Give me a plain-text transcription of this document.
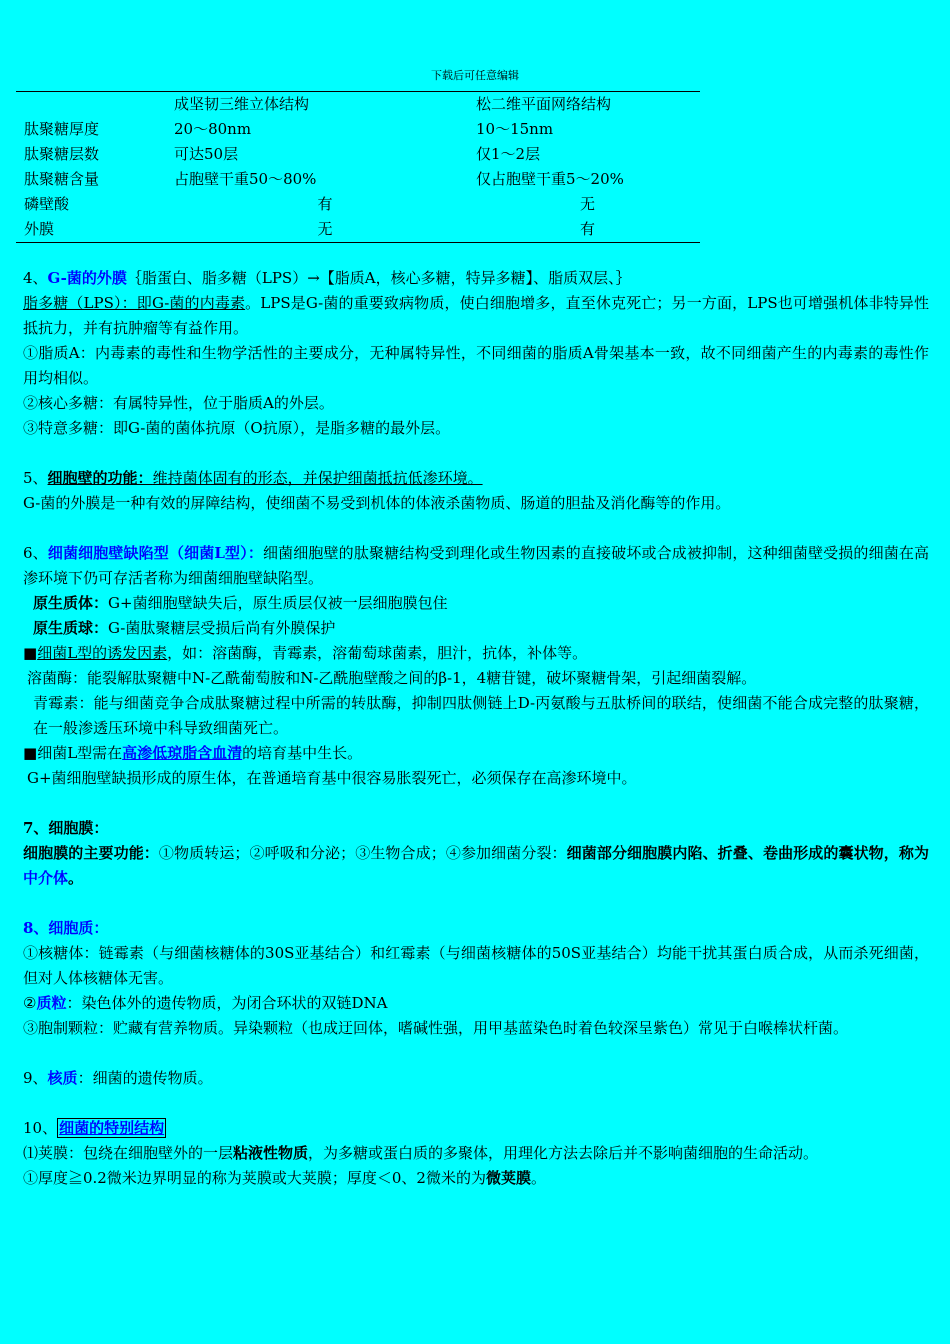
下载后可任意编辑
	成坚韧三维立体结构	松二维平面网络结构
肽聚糖厚度	20～80nm	10～15nm
肽聚糖层数	可达50层	仅1～2层
肽聚糖含量	占胞壁干重50～80%	仅占胞壁干重5～20%
磷壁酸	有	无
外膜	无	有

4、G-菌的外膜｛脂蛋白、脂多糖（LPS）→【脂质A，核心多糖，特异多糖】、脂质双层、｝

脂多糖（LPS）：即G-菌的内毒素。LPS是G-菌的重要致病物质，使白细胞增多，直至休克死亡；另一方面，LPS也可增强机体非特异性抵抗力，并有抗肿瘤等有益作用。

①脂质A：内毒素的毒性和生物学活性的主要成分，无种属特异性，不同细菌的脂质A骨架基本一致，故不同细菌产生的内毒素的毒性作用均相似。

②核心多糖：有属特异性，位于脂质A的外层。

③特意多糖：即G-菌的菌体抗原（O抗原），是脂多糖的最外层。

5、细胞壁的功能：维持菌体固有的形态，并保护细菌抵抗低渗环境。

G-菌的外膜是一种有效的屏障结构，使细菌不易受到机体的体液杀菌物质、肠道的胆盐及消化酶等的作用。

6、细菌细胞壁缺陷型（细菌L型）：细菌细胞壁的肽聚糖结构受到理化或生物因素的直接破坏或合成被抑制，这种细菌壁受损的细菌在高渗环境下仍可存活者称为细菌细胞壁缺陷型。

原生质体：G+菌细胞壁缺失后，原生质层仅被一层细胞膜包住

原生质球：G-菌肽聚糖层受损后尚有外膜保护

■细菌L型的诱发因素，如：溶菌酶，青霉素，溶葡萄球菌素，胆汁，抗体，补体等。

溶菌酶：能裂解肽聚糖中N-乙酰葡萄胺和N-乙酰胞壁酸之间的β-1，4糖苷键，破坏聚糖骨架，引起细菌裂解。

青霉素：能与细菌竞争合成肽聚糖过程中所需的转肽酶，抑制四肽侧链上D-丙氨酸与五肽桥间的联结，使细菌不能合成完整的肽聚糖，在一般渗透压环境中科导致细菌死亡。

■细菌L型需在高渗低琼脂含血清的培育基中生长。

G+菌细胞壁缺损形成的原生体，在普通培育基中很容易胀裂死亡，必须保存在高渗环境中。

7、细胞膜：

细胞膜的主要功能：①物质转运；②呼吸和分泌；③生物合成；④参加细菌分裂：细菌部分细胞膜内陷、折叠、卷曲形成的囊状物，称为中介体。

8、细胞质：

①核糖体：链霉素（与细菌核糖体的30S亚基结合）和红霉素（与细菌核糖体的50S亚基结合）均能干扰其蛋白质合成，从而杀死细菌，但对人体核糖体无害。

②质粒：染色体外的遗传物质，为闭合环状的双链DNA

③胞制颗粒：贮藏有营养物质。异染颗粒（也成迂回体，嗜碱性强，用甲基蓝染色时着色较深呈紫色）常见于白喉棒状杆菌。

9、核质：细菌的遗传物质。

10、 细菌的特别结构

⑴荚膜：包绕在细胞壁外的一层粘液性物质，为多糖或蛋白质的多聚体，用理化方法去除后并不影响菌细胞的生命活动。

①厚度≧0.2微米边界明显的称为荚膜或大荚膜；厚度＜0、2微米的为微荚膜。
